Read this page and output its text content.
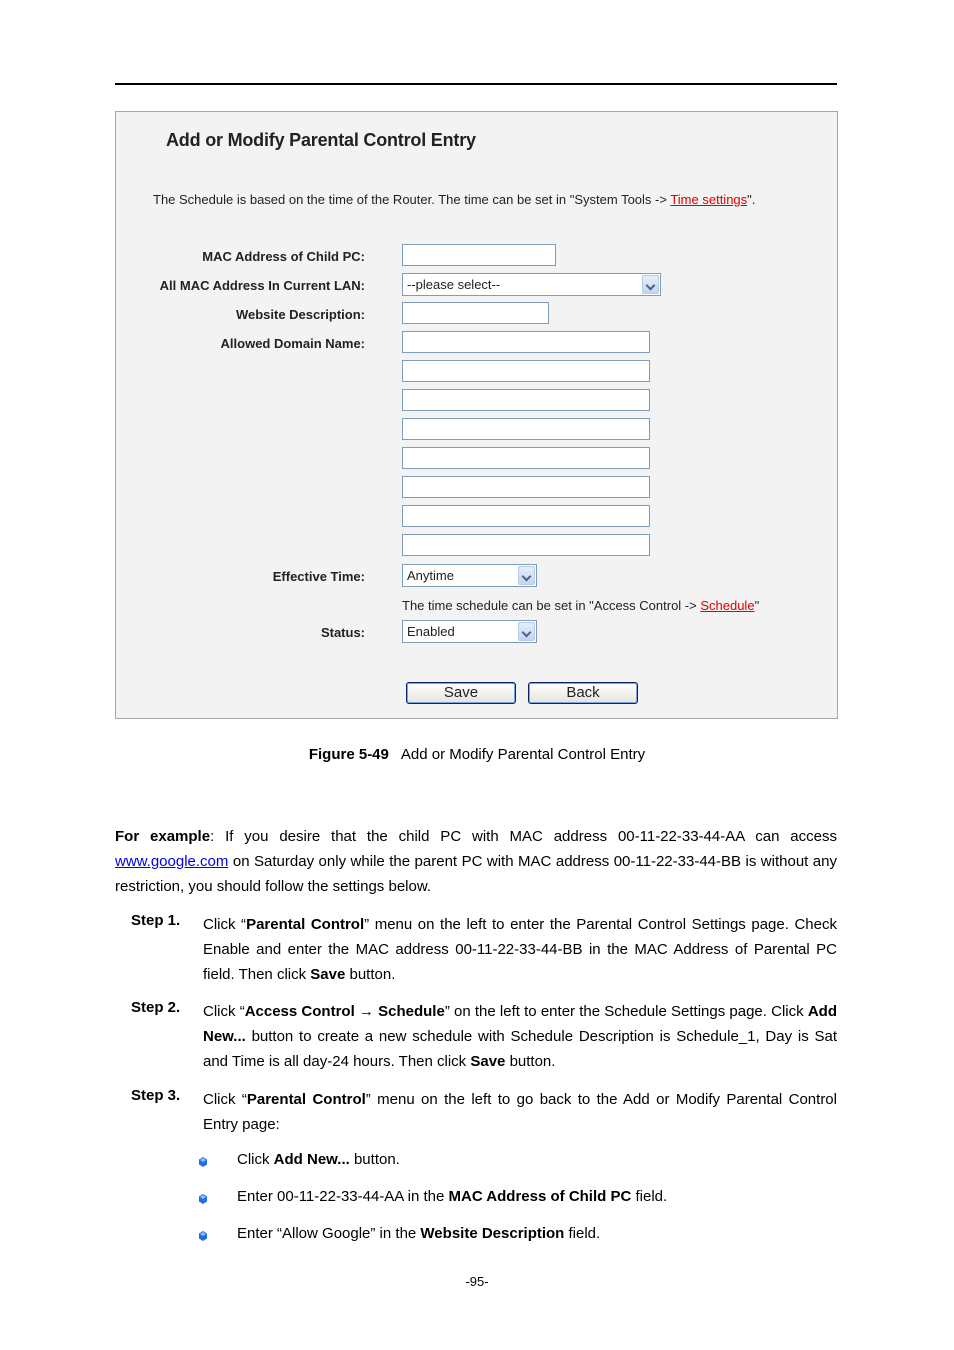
Add or Modify Parental Control Entry
The Schedule is based on the time of the Router. The time can be set in "System Tools -> Time settings".
MAC Address of Child PC:
All MAC Address In Current LAN:	--please select--
Website Description:
Allowed Domain Name:
Effective Time:	Anytime
The time schedule can be set in "Access Control -> Schedule"
Status:	Enabled
Save	Back
Figure 5-49 Add or Modify Parental Control Entry
For example: If you desire that the child PC with MAC address 00-11-22-33-44-AA can access www.google.com on Saturday only while the parent PC with MAC address 00-11-22-33-44-BB is without any restriction, you should follow the settings below.
Step 1. Click “Parental Control” menu on the left to enter the Parental Control Settings page. Check Enable and enter the MAC address 00-11-22-33-44-BB in the MAC Address of Parental PC field. Then click Save button.
Step 2. Click “Access Control → Schedule” on the left to enter the Schedule Settings page. Click Add New... button to create a new schedule with Schedule Description is Schedule_1, Day is Sat and Time is all day-24 hours. Then click Save button.
Step 3. Click “Parental Control” menu on the left to go back to the Add or Modify Parental Control Entry page:
Click Add New... button.
Enter 00-11-22-33-44-AA in the MAC Address of Child PC field.
Enter “Allow Google” in the Website Description field.
-95-
